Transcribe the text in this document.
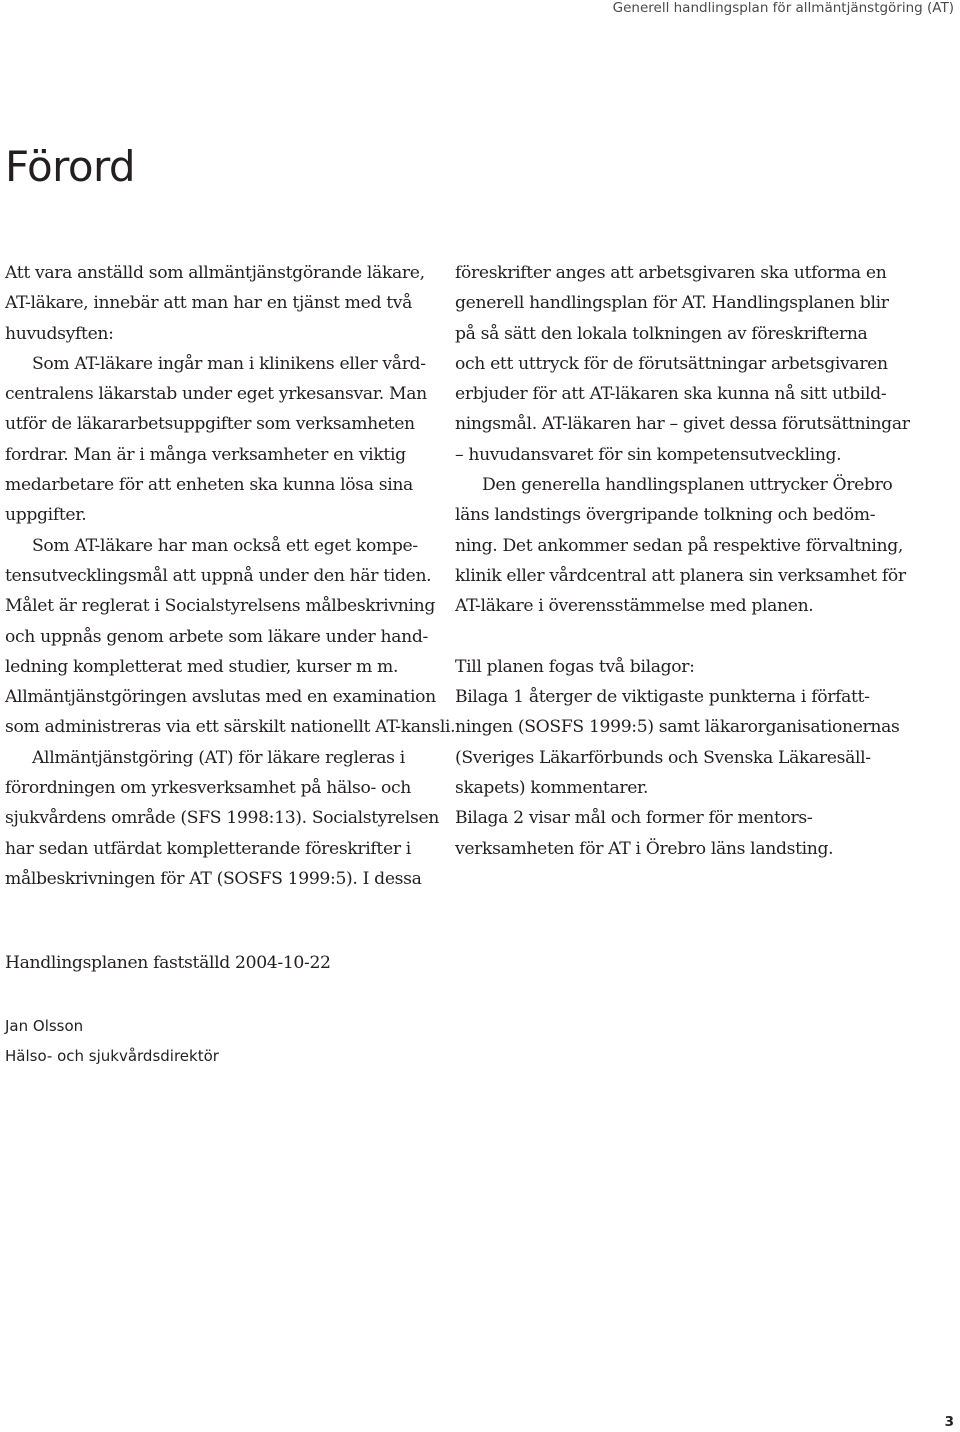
Generell handlingsplan för allmäntjänstgöring (AT)
Förord
Att vara anställd som allmäntjänstgörande läkare,
AT-läkare, innebär att man har en tjänst med två
huvudsyften:
Som AT-läkare ingår man i klinikens eller vård-
centralens läkarstab under eget yrkesansvar. Man
utför de läkararbetsuppgifter som verksamheten
fordrar. Man är i många verksamheter en viktig
medarbetare för att enheten ska kunna lösa sina
uppgifter.
Som AT-läkare har man också ett eget kompe-
tensutvecklingsmål att uppnå under den här tiden.
Målet är reglerat i Socialstyrelsens målbeskrivning
och uppnås genom arbete som läkare under hand-
ledning kompletterat med studier, kurser m m.
Allmäntjänstgöringen avslutas med en examination
som administreras via ett särskilt nationellt AT-kansli.
Allmäntjänstgöring (AT) för läkare regleras i
förordningen om yrkesverksamhet på hälso- och
sjukvårdens område (SFS 1998:13). Socialstyrelsen
har sedan utfärdat kompletterande föreskrifter i
målbeskrivningen för AT (SOSFS 1999:5). I dessa
föreskrifter anges att arbetsgivaren ska utforma en
generell handlingsplan för AT. Handlingsplanen blir
på så sätt den lokala tolkningen av föreskrifterna
och ett uttryck för de förutsättningar arbetsgivaren
erbjuder för att AT-läkaren ska kunna nå sitt utbild-
ningsmål. AT-läkaren har – givet dessa förutsättningar
– huvudansvaret för sin kompetensutveckling.
Den generella handlingsplanen uttrycker Örebro
läns landstings övergripande tolkning och bedöm-
ning. Det ankommer sedan på respektive förvaltning,
klinik eller vårdcentral att planera sin verksamhet för
AT-läkare i överensstämmelse med planen.
Till planen fogas två bilagor:
Bilaga 1 återger de viktigaste punkterna i författ-
ningen (SOSFS 1999:5) samt läkarorganisationernas
(Sveriges Läkarförbunds och Svenska Läkaresäll-
skapets) kommentarer.
Bilaga 2 visar mål och former för mentors-
verksamheten för AT i Örebro läns landsting.
Handlingsplanen fastställd 2004-10-22
Jan Olsson
Hälso- och sjukvårdsdirektör
3
